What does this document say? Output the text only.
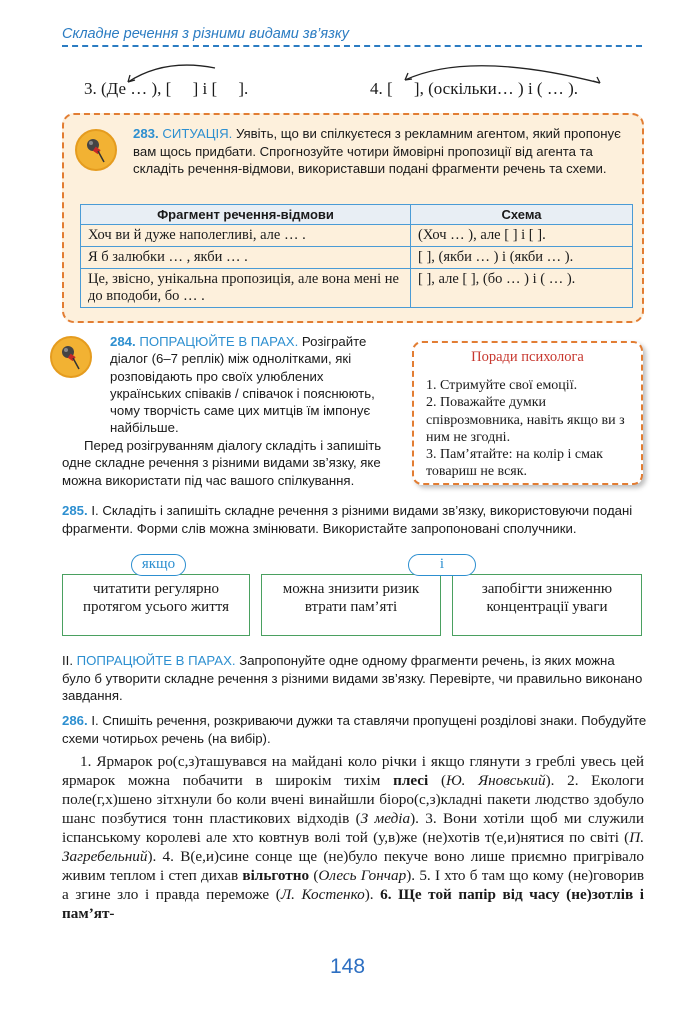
Складне речення з різними видами зв’язку
3. (Де … ), [     ] і [     ].	4. [     ], (оскільки… ) і ( … ).
283. СИТУАЦІЯ. Уявіть, що ви спілкуєтеся з рекламним агентом, який пропонує вам щось придбати. Спрогнозуйте чотири ймовірні пропозиції від агента та складіть речення-відмови, використавши подані фрагменти речень та схеми.
Фрагмент речення-відмови	Схема
Хоч ви й дуже наполегливі, але … .	(Хоч … ), але [ ] і [ ].
Я б залюбки … , якби … .	[ ], (якби … ) і (якби … ).
Це, звісно, унікальна пропозиція, але вона мені не до вподоби, бо … .	[ ], але [ ], (бо … ) і ( … ).
284. ПОПРАЦЮЙТЕ В ПАРАХ. Розіграйте діалог (6–7 реплік) між однолітками, які розповідають про своїх улюблених українських співаків / співачок і пояснюють, чому творчість саме цих митців їм імпонує найбільше.
Перед розігруванням діалогу складіть і запишіть одне складне речення з різними видами зв’язку, яке можна використати під час вашого спілкування.
Поради психолога

1. Стримуйте свої емоції.

2. Поважайте думки співрозмовника, навіть якщо ви з ним не згодні.

3. Пам’ятайте: на колір і смак товариш не всяк.

285. І. Складіть і запишіть складне речення з різними видами зв’язку, використовуючи подані фрагменти. Форми слів можна змінювати. Використайте запропоновані сполучники.
якщо	і
читатити регулярно протягом усього життя
можна знизити ризик втрати пам’яті
запобігти зниженню концентрації уваги
ІІ. ПОПРАЦЮЙТЕ В ПАРАХ. Запропонуйте одне одному фрагменти речень, із яких можна було б утворити складне речення з різними видами зв’язку. Перевірте, чи правильно виконано завдання.
286. І. Спишіть речення, розкриваючи дужки та ставлячи пропущені розділові знаки. Побудуйте схеми чотирьох речень (на вибір).
1. Ярмарок ро(с,з)ташувався на майдані коло річки і якщо глянути з греблі увесь цей ярмарок можна побачити в широкім тихім плесі (Ю. Яновський). 2. Екологи поле(г,х)шено зітхнули бо коли вчені винайшли біоро(с,з)кладні пакети людство здобуло шанс позбутися тонн пластикових відходів (З медіа). 3. Вони хотіли щоб ми служили іспанському королеві але хто ковтнув волі той (у,в)же (не)хотів т(е,и)нятися по світі (П. Загребельний). 4. В(е,и)сине сонце ще (не)було пекуче воно лише приємно пригрівало живим теплом і степ дихав вільготно (Олесь Гончар). 5. І хто б там що кому (не)говорив а згине зло і правда переможе (Л. Костенко). 6. Ще той папір від часу (не)зотлів і пам’ят-
148
